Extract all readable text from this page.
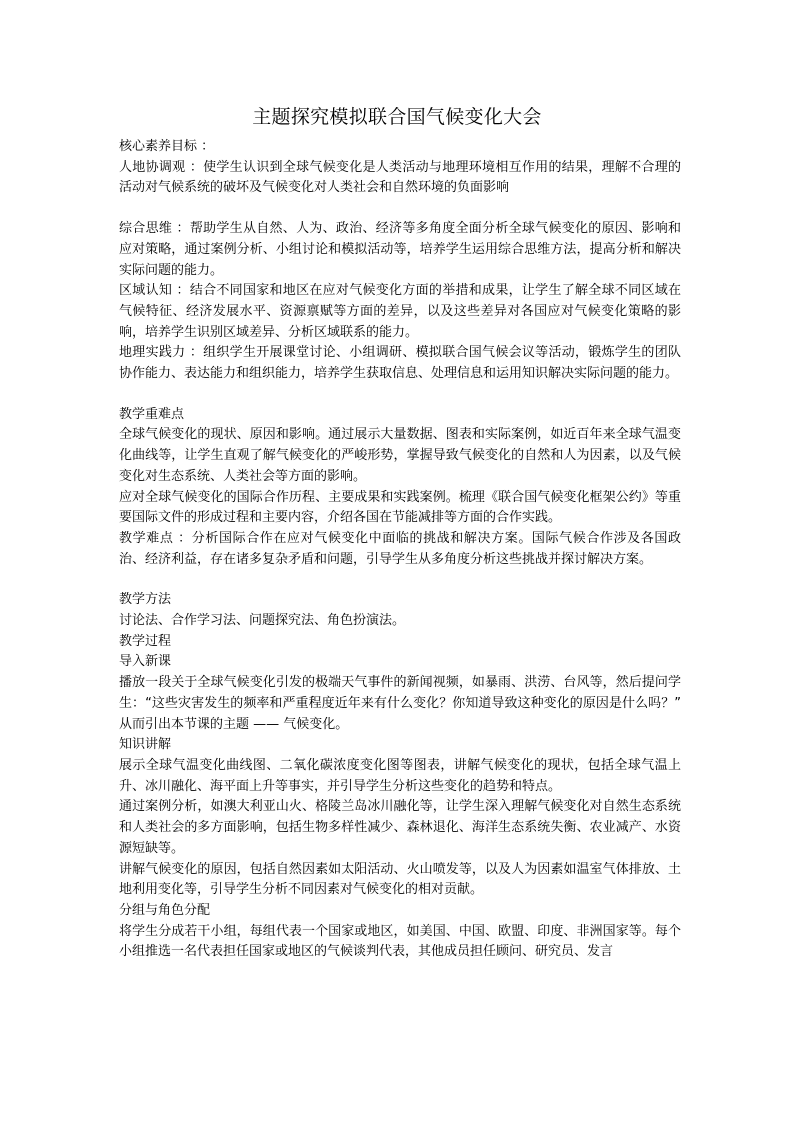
主题探究模拟联合国气候变化大会

核心素养目标 ：

人地协调观 ：使学生认识到全球气候变化是人类活动与地理环境相互作用的结果，理解不合理的活动对气候系统的破坏及气候变化对人类社会和自然环境的负面影响

综合思维 ：帮助学生从自然、人为、政治、经济等多角度全面分析全球气候变化的原因、影响和应对策略，通过案例分析、小组讨论和模拟活动等，培养学生运用综合思维方法，提高分析和解决实际问题的能力。

区域认知 ：结合不同国家和地区在应对气候变化方面的举措和成果，让学生了解全球不同区域在气候特征、经济发展水平、资源禀赋等方面的差异，以及这些差异对各国应对气候变化策略的影响，培养学生识别区域差异、分析区域联系的能力。

地理实践力 ：组织学生开展课堂讨论、小组调研、模拟联合国气候会议等活动，锻炼学生的团队协作能力、表达能力和组织能力，培养学生获取信息、处理信息和运用知识解决实际问题的能力。

教学重难点

全球气候变化的现状、原因和影响。通过展示大量数据、图表和实际案例，如近百年来全球气温变化曲线等，让学生直观了解气候变化的严峻形势，掌握导致气候变化的自然和人为因素，以及气候变化对生态系统、人类社会等方面的影响。

应对全球气候变化的国际合作历程、主要成果和实践案例。梳理《联合国气候变化框架公约》等重要国际文件的形成过程和主要内容，介绍各国在节能减排等方面的合作实践。

教学难点 ：分析国际合作在应对气候变化中面临的挑战和解决方案。国际气候合作涉及各国政治、经济利益，存在诸多复杂矛盾和问题，引导学生从多角度分析这些挑战并探讨解决方案。

教学方法

讨论法、合作学习法、问题探究法、角色扮演法。

教学过程

导入新课

播放一段关于全球气候变化引发的极端天气事件的新闻视频，如暴雨、洪涝、台风等，然后提问学生：“这些灾害发生的频率和严重程度近年来有什么变化？你知道导致这种变化的原因是什么吗？” 从而引出本节课的主题 —— 气候变化。

知识讲解

展示全球气温变化曲线图、二氧化碳浓度变化图等图表，讲解气候变化的现状，包括全球气温上升、冰川融化、海平面上升等事实，并引导学生分析这些变化的趋势和特点。

通过案例分析，如澳大利亚山火、格陵兰岛冰川融化等，让学生深入理解气候变化对自然生态系统和人类社会的多方面影响，包括生物多样性减少、森林退化、海洋生态系统失衡、农业减产、水资源短缺等。

讲解气候变化的原因，包括自然因素如太阳活动、火山喷发等，以及人为因素如温室气体排放、土地利用变化等，引导学生分析不同因素对气候变化的相对贡献。

分组与角色分配

将学生分成若干小组，每组代表一个国家或地区，如美国、中国、欧盟、印度、非洲国家等。每个小组推选一名代表担任国家或地区的气候谈判代表，其他成员担任顾问、研究员、发言
